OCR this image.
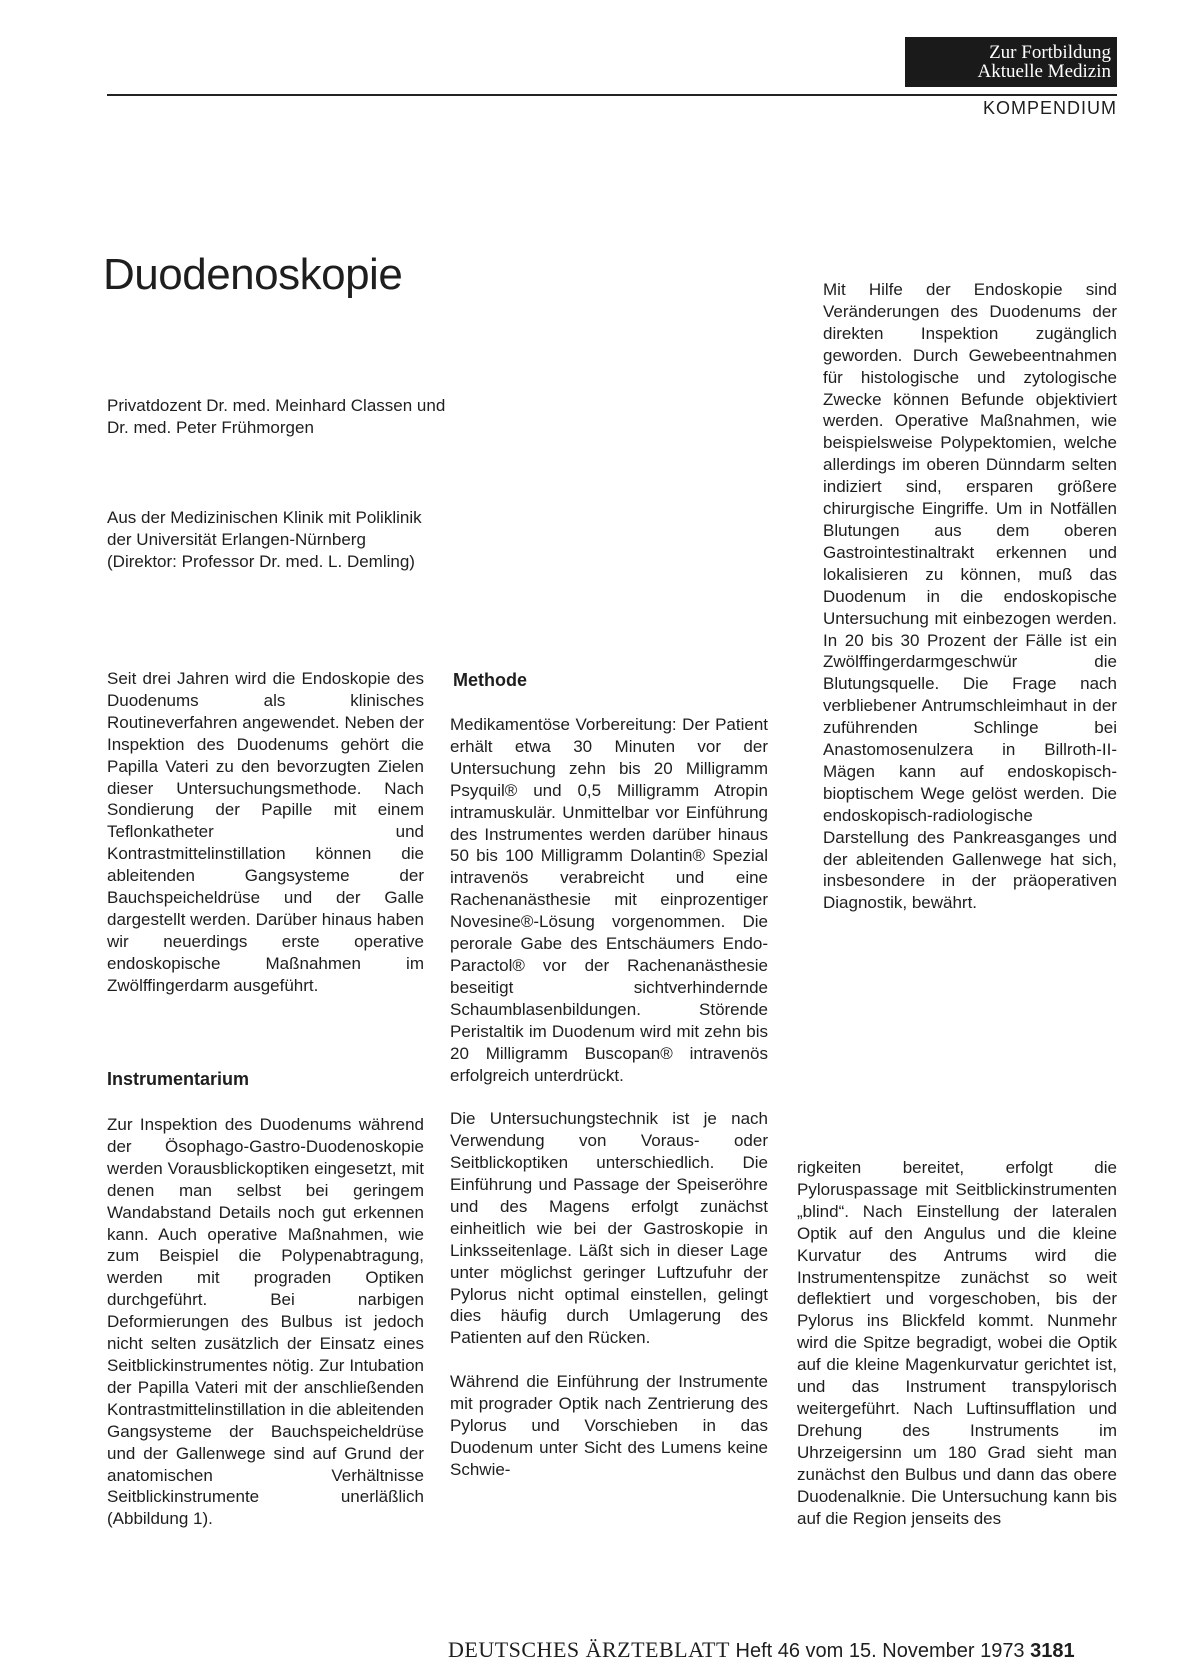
Zur Fortbildung
Aktuelle Medizin
KOMPENDIUM
Duodenoskopie
Privatdozent Dr. med. Meinhard Classen und
Dr. med. Peter Frühmorgen
Aus der Medizinischen Klinik mit Poliklinik
der Universität Erlangen-Nürnberg
(Direktor: Professor Dr. med. L. Demling)

Seit drei Jahren wird die Endoskopie des Duodenums als klinisches Routineverfahren angewendet. Neben der Inspektion des Duodenums gehört die Papilla Vateri zu den bevorzugten Zielen dieser Untersuchungsmethode. Nach Sondierung der Papille mit einem Teflonkatheter und Kontrastmittelinstillation können die ableitenden Gangsysteme der Bauchspeicheldrüse und der Galle dargestellt werden. Darüber hinaus haben wir neuerdings erste operative endoskopische Maßnahmen im Zwölffingerdarm ausgeführt.

Instrumentarium

Zur Inspektion des Duodenums während der Ösophago-Gastro-Duodenoskopie werden Vorausblickoptiken eingesetzt, mit denen man selbst bei geringem Wandabstand Details noch gut erkennen kann. Auch operative Maßnahmen, wie zum Beispiel die Polypenabtragung, werden mit prograden Optiken durchgeführt. Bei narbigen Deformierungen des Bulbus ist jedoch nicht selten zusätzlich der Einsatz eines Seitblickinstrumentes nötig. Zur Intubation der Papilla Vateri mit der anschließenden Kontrastmittelinstillation in die ableitenden Gangsysteme der Bauchspeicheldrüse und der Gallenwege sind auf Grund der anatomischen Verhältnisse Seitblickinstrumente unerläßlich (Abbildung 1).

Methode

Medikamentöse Vorbereitung: Der Patient erhält etwa 30 Minuten vor der Untersuchung zehn bis 20 Milligramm Psyquil® und 0,5 Milligramm Atropin intramuskulär. Unmittelbar vor Einführung des Instrumentes werden darüber hinaus 50 bis 100 Milligramm Dolantin® Spezial intravenös verabreicht und eine Rachenanästhesie mit einprozentiger Novesine®-Lösung vorgenommen. Die perorale Gabe des Entschäumers Endo-Paractol® vor der Rachenanästhesie beseitigt sichtverhindernde Schaumblasenbildungen. Störende Peristaltik im Duodenum wird mit zehn bis 20 Milligramm Buscopan® intravenös erfolgreich unterdrückt.

Die Untersuchungstechnik ist je nach Verwendung von Voraus- oder Seitblickoptiken unterschiedlich. Die Einführung und Passage der Speiseröhre und des Magens erfolgt zunächst einheitlich wie bei der Gastroskopie in Linksseitenlage. Läßt sich in dieser Lage unter möglichst geringer Luftzufuhr der Pylorus nicht optimal einstellen, gelingt dies häufig durch Umlagerung des Patienten auf den Rücken.

Während die Einführung der Instrumente mit prograder Optik nach Zentrierung des Pylorus und Vorschieben in das Duodenum unter Sicht des Lumens keine Schwie-

Mit Hilfe der Endoskopie sind Veränderungen des Duodenums der direkten Inspektion zugänglich geworden. Durch Gewebeentnahmen für histologische und zytologische Zwecke können Befunde objektiviert werden. Operative Maßnahmen, wie beispielsweise Polypektomien, welche allerdings im oberen Dünndarm selten indiziert sind, ersparen größere chirurgische Eingriffe. Um in Notfällen Blutungen aus dem oberen Gastrointestinaltrakt erkennen und lokalisieren zu können, muß das Duodenum in die endoskopische Untersuchung mit einbezogen werden. In 20 bis 30 Prozent der Fälle ist ein Zwölffingerdarmgeschwür die Blutungsquelle. Die Frage nach verbliebener Antrumschleimhaut in der zuführenden Schlinge bei Anastomosenulzera in Billroth-II-Mägen kann auf endoskopisch-bioptischem Wege gelöst werden. Die endoskopisch-radiologische Darstellung des Pankreasganges und der ableitenden Gallenwege hat sich, insbesondere in der präoperativen Diagnostik, bewährt.

rigkeiten bereitet, erfolgt die Pyloruspassage mit Seitblickinstrumenten „blind“. Nach Einstellung der lateralen Optik auf den Angulus und die kleine Kurvatur des Antrums wird die Instrumentenspitze zunächst so weit deflektiert und vorgeschoben, bis der Pylorus ins Blickfeld kommt. Nunmehr wird die Spitze begradigt, wobei die Optik auf die kleine Magenkurvatur gerichtet ist, und das Instrument transpylorisch weitergeführt. Nach Luftinsufflation und Drehung des Instruments im Uhrzeigersinn um 180 Grad sieht man zunächst den Bulbus und dann das obere Duodenalknie. Die Untersuchung kann bis auf die Region jenseits des

DEUTSCHES ÄRZTEBLATT Heft 46 vom 15. November 1973 3181
